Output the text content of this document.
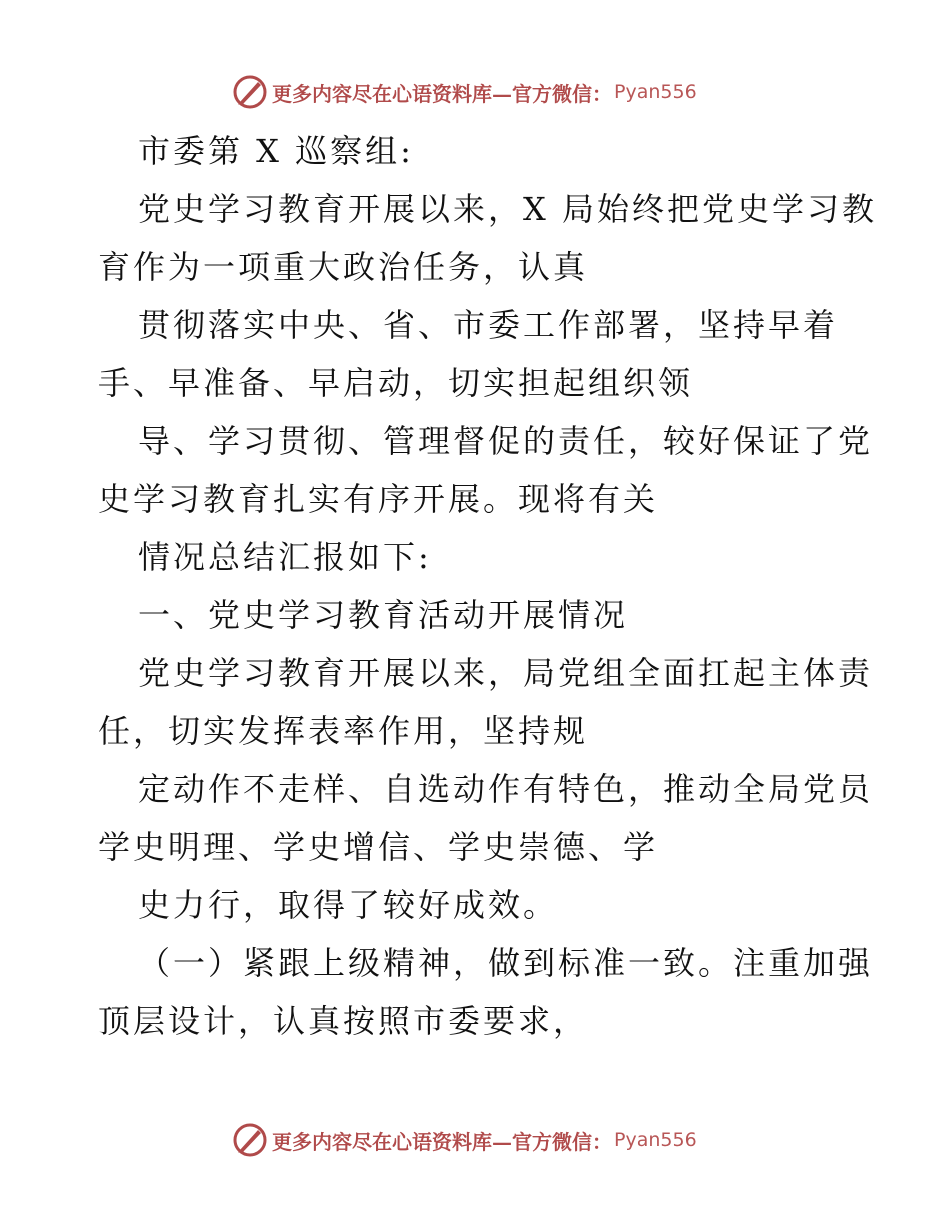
更多内容尽在心语资料库—官方微信： Pyan556
市委第 X 巡察组:
党史学习教育开展以来，X 局始终把党史学习教
育作为一项重大政治任务，认真
贯彻落实中央、省、市委工作部署，坚持早着
手、早准备、早启动，切实担起组织领
导、学习贯彻、管理督促的责任，较好保证了党
史学习教育扎实有序开展。现将有关
情况总结汇报如下:
一、党史学习教育活动开展情况
党史学习教育开展以来，局党组全面扛起主体责
任，切实发挥表率作用，坚持规
定动作不走样、自选动作有特色，推动全局党员
学史明理、学史增信、学史崇德、学
史力行，取得了较好成效。
（一）紧跟上级精神，做到标准一致。注重加强
顶层设计，认真按照市委要求，
更多内容尽在心语资料库—官方微信： Pyan556
